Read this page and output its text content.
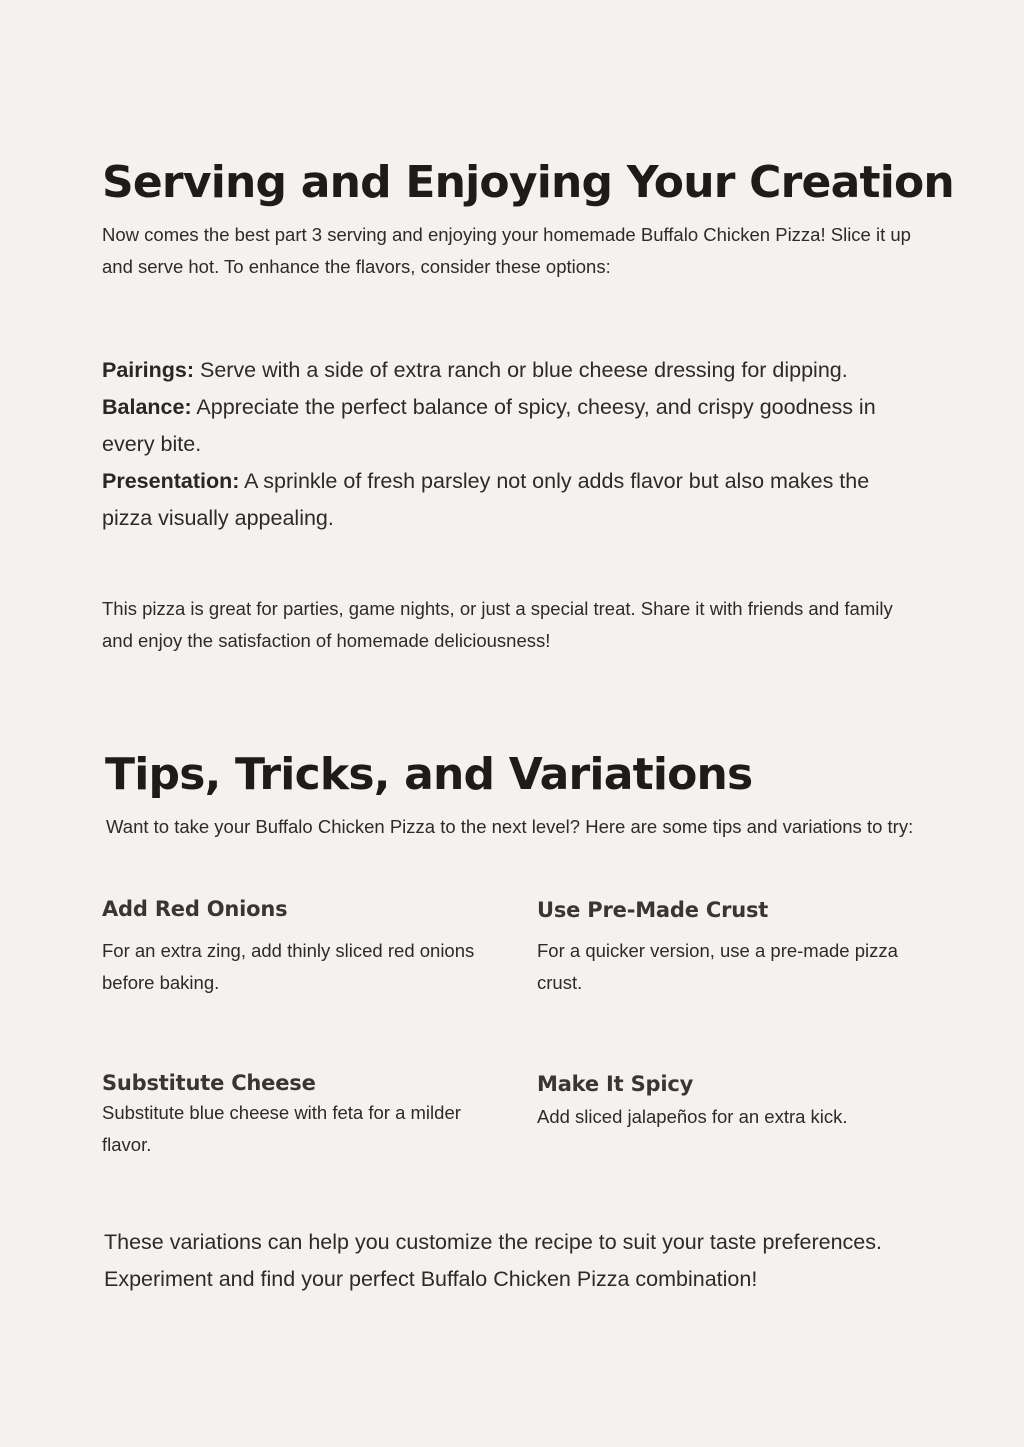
Serving and Enjoying Your Creation

Now comes the best part 3 serving and enjoying your homemade Buffalo Chicken Pizza! Slice it up and serve hot. To enhance the flavors, consider these options:

Pairings: Serve with a side of extra ranch or blue cheese dressing for dipping.

Balance: Appreciate the perfect balance of spicy, cheesy, and crispy goodness in every bite.

Presentation: A sprinkle of fresh parsley not only adds flavor but also makes the pizza visually appealing.

This pizza is great for parties, game nights, or just a special treat. Share it with friends and family and enjoy the satisfaction of homemade deliciousness!

Tips, Tricks, and Variations

Want to take your Buffalo Chicken Pizza to the next level? Here are some tips and variations to try:

Add Red Onions

For an extra zing, add thinly sliced red onions before baking.

Use Pre-Made Crust

For a quicker version, use a pre-made pizza crust.

Substitute Cheese

Substitute blue cheese with feta for a milder flavor.

Make It Spicy

Add sliced jalapeños for an extra kick.

These variations can help you customize the recipe to suit your taste preferences. Experiment and find your perfect Buffalo Chicken Pizza combination!
